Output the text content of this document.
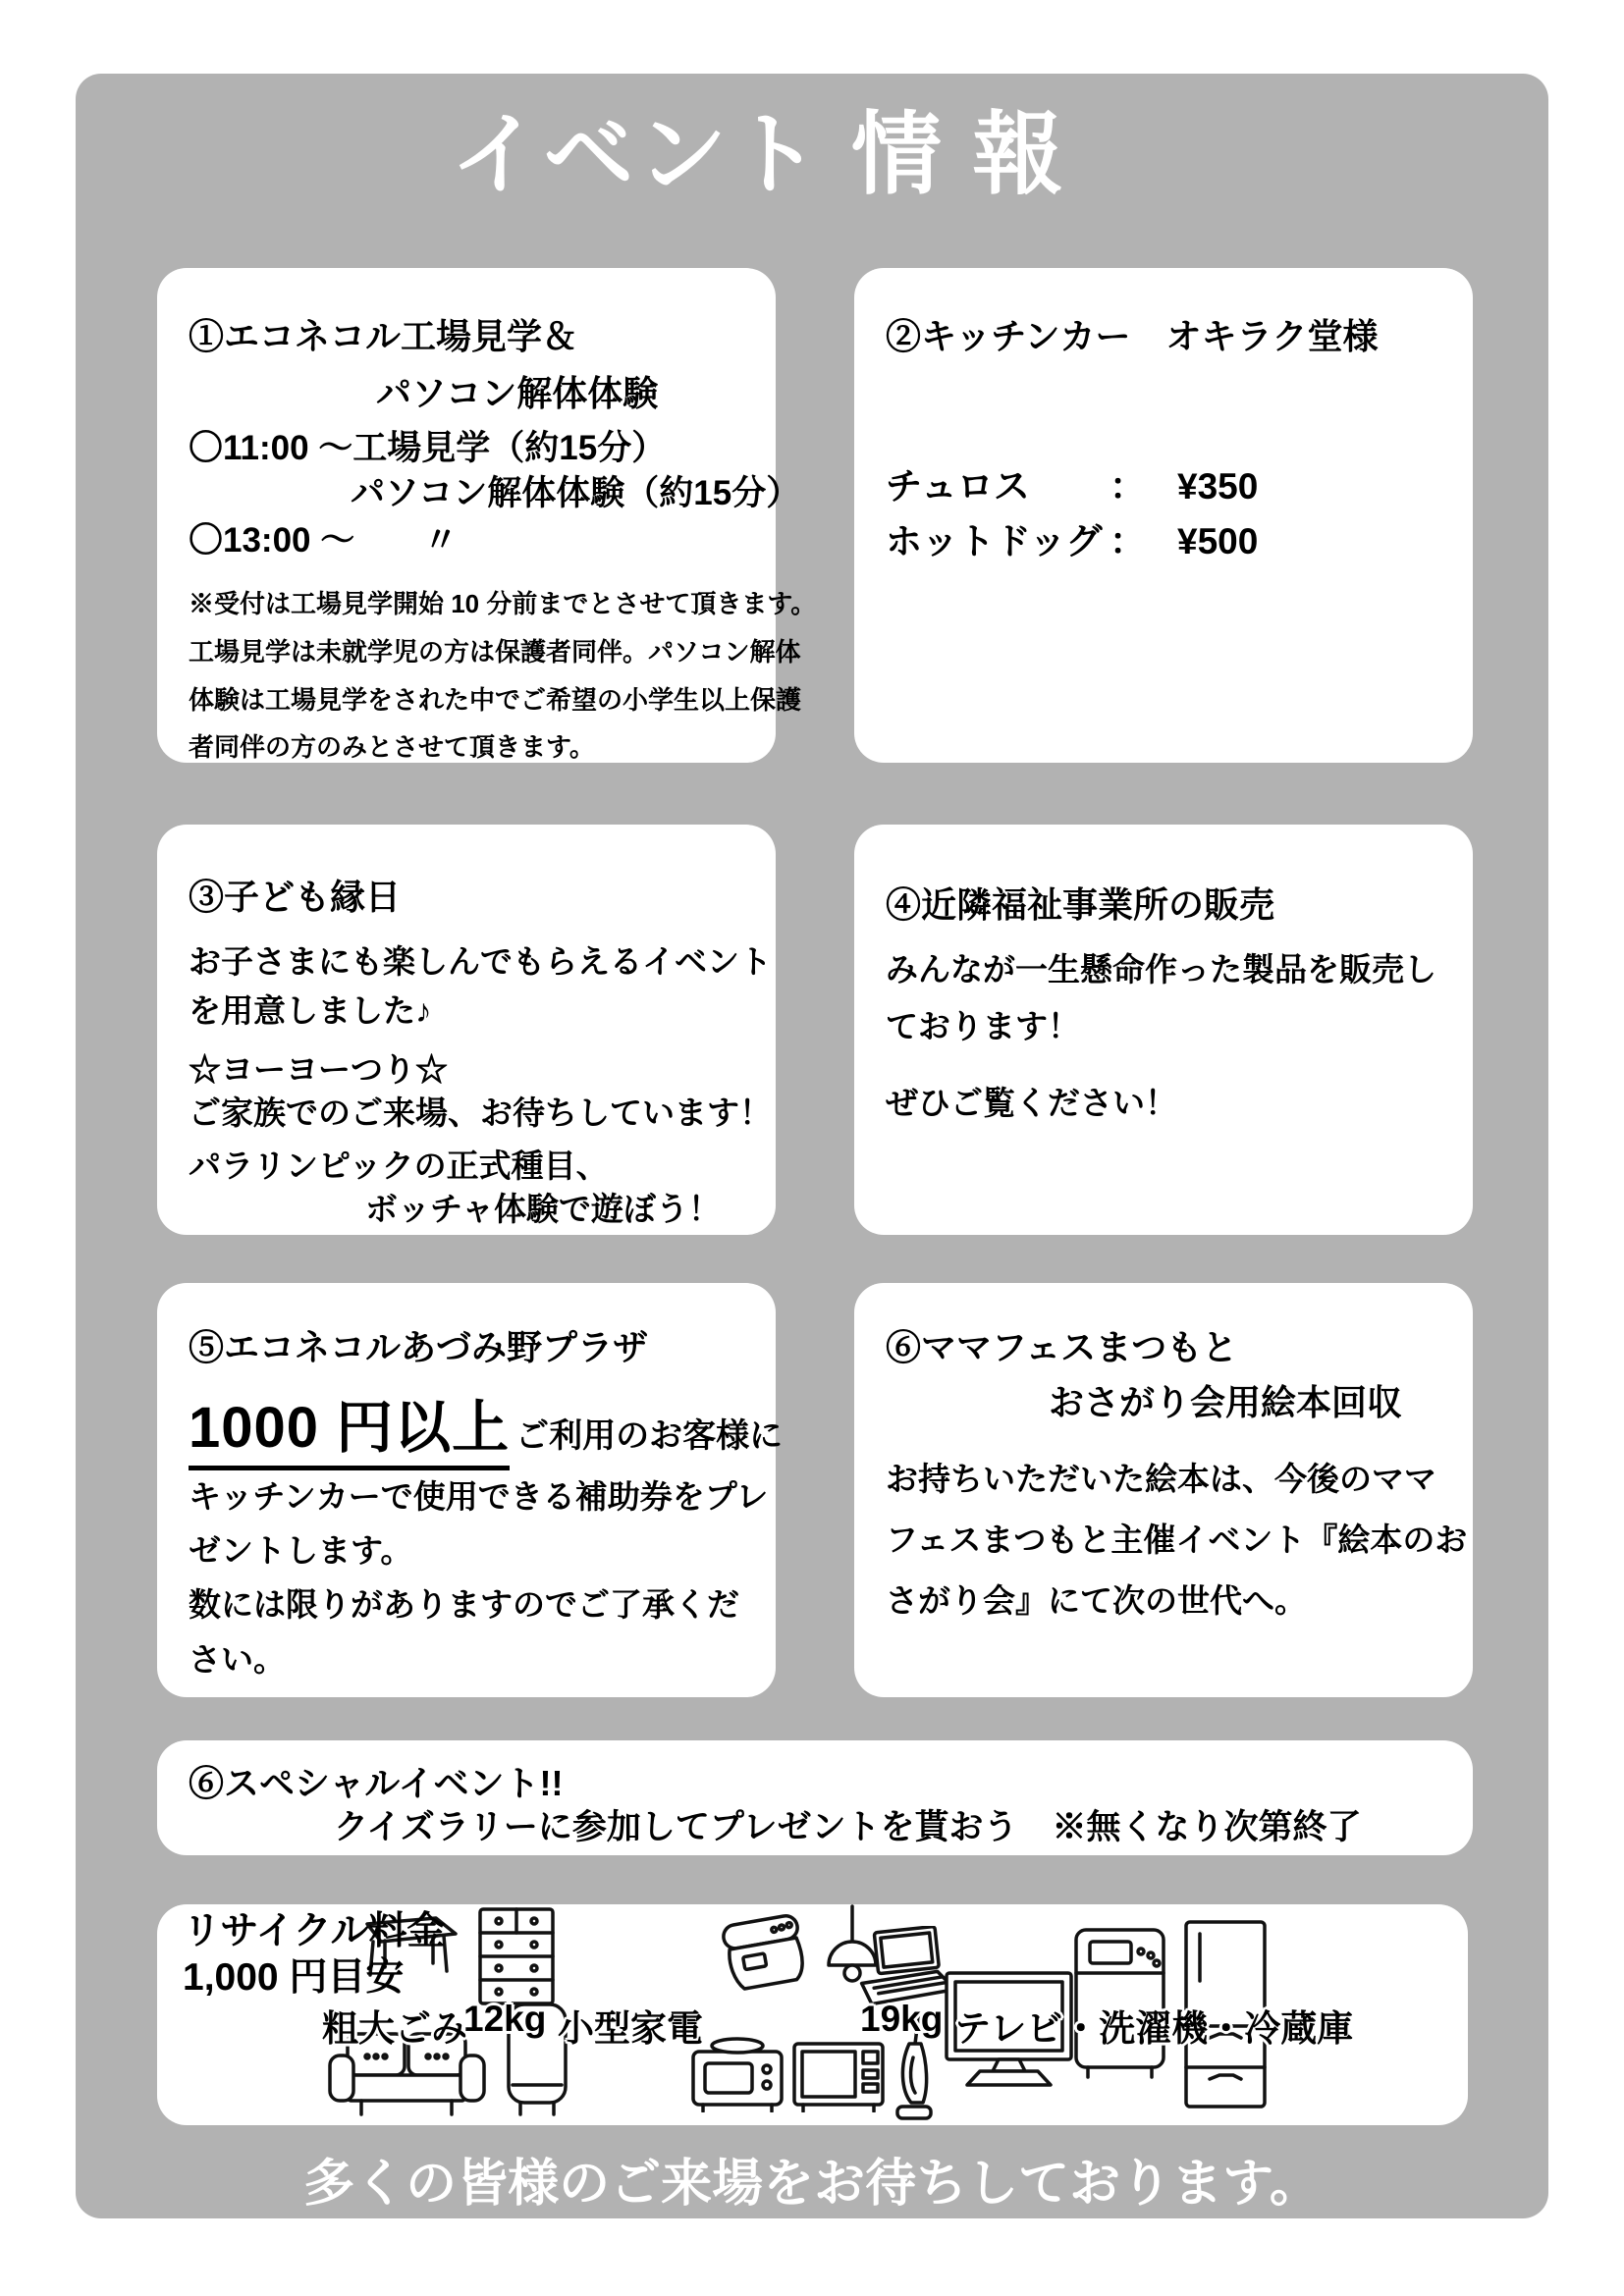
イベント 情 報
①エコネコル工場見学＆
パソコン解体体験
〇11:00 ～工場見学（約15分）
パソコン解体体験（約15分）
〇13:00 ～　　〃
※受付は工場見学開始 10 分前までとさせて頂きます。
工場見学は未就学児の方は保護者同伴。パソコン解体
体験は工場見学をされた中でご希望の小学生以上保護
者同伴の方のみとさせて頂きます。
②キッチンカー　オキラク堂様
チュロス	： ¥350
ホットドッグ ： ¥500
③子ども縁日
お子さまにも楽しんでもらえるイベント
を用意しました♪
☆ヨーヨーつり☆
ご家族でのご来場、お待ちしています！
パラリンピックの正式種目、
ボッチャ体験で遊ぼう！
④近隣福祉事業所の販売
みんなが一生懸命作った製品を販売し
ております！
ぜひご覧ください！
⑤エコネコルあづみ野プラザ
1000 円以上 ご利用のお客様に
キッチンカーで使用できる補助券をプレ
ゼントします。
数には限りがありますのでご了承くだ
さい。
⑥ママフェスまつもと
おさがり会用絵本回収
お持ちいただいた絵本は、今後のママ
フェスまつもと主催イベント『絵本のお
さがり会』にて次の世代へ。
⑥スペシャルイベント!!
クイズラリーに参加してプレゼントを貰おう　※無くなり次第終了
リサイクル料金
1,000 円目安
粗大ごみ
12kg 小型家電	19kg テレビ・洗濯機・冷蔵庫
多くの皆様のご来場をお待ちしております。
